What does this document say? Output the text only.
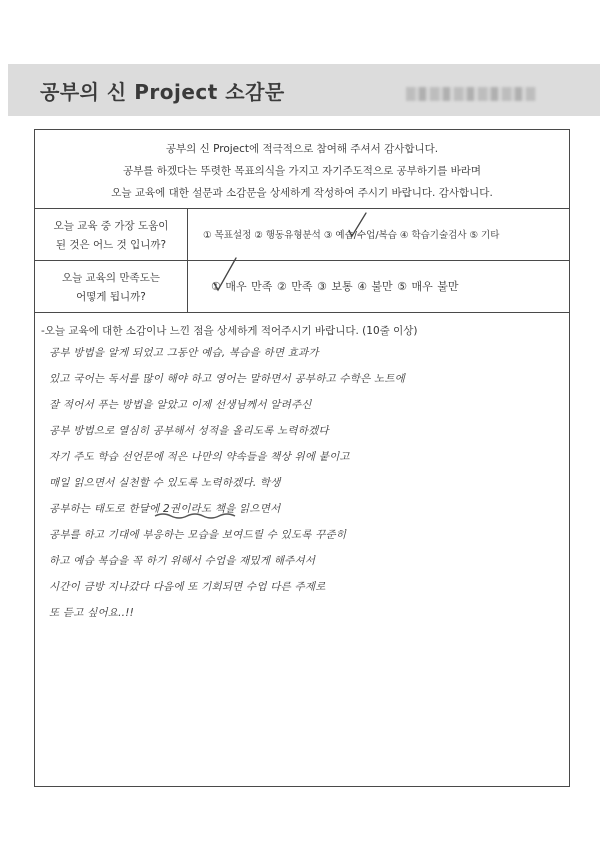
공부의 신 Project 소감문
공부의 신 Project에 적극적으로 참여해 주셔서 감사합니다.
공부를 하겠다는 뚜렷한 목표의식을 가지고 자기주도적으로 공부하기를 바라며
오늘 교육에 대한 설문과 소감문을 상세하게 작성하여 주시기 바랍니다. 감사합니다.
오늘 교육 중 가장 도움이
된 것은 어느 것 입니까?
① 목표설정 ② 행동유형분석 ③ 예습/수업/복습 ④ 학습기술검사 ⑤ 기타
오늘 교육의 만족도는
어떻게 됩니까?
① 매우 만족 ② 만족 ③ 보통 ④ 불만 ⑤ 매우 불만
-오늘 교육에 대한 소감이나 느낀 점을 상세하게 적어주시기 바랍니다. (10줄 이상)
공부 방법을 알게 되었고 그동안 예습, 복습을 하면 효과가
있고 국어는 독서를 많이 해야 하고 영어는 말하면서 공부하고 수학은 노트에
잘 적어서 푸는 방법을 알았고 이제 선생님께서 알려주신
공부 방법으로 열심히 공부해서 성적을 올리도록 노력하겠다
자기 주도 학습 선언문에 적은 나만의 약속들을 책상 위에 붙이고
매일 읽으면서 실천할 수 있도록 노력하겠다. 학생
공부하는 태도로 한달에 2권이라도 책을 읽으면서
공부를 하고 기대에 부응하는 모습을 보여드릴 수 있도록 꾸준히
하고 예습 복습을 꼭 하기 위해서 수업을 재밌게 해주셔서
시간이 금방 지나갔다 다음에 또 기회되면 수업 다른 주제로
또 듣고 싶어요..!!
